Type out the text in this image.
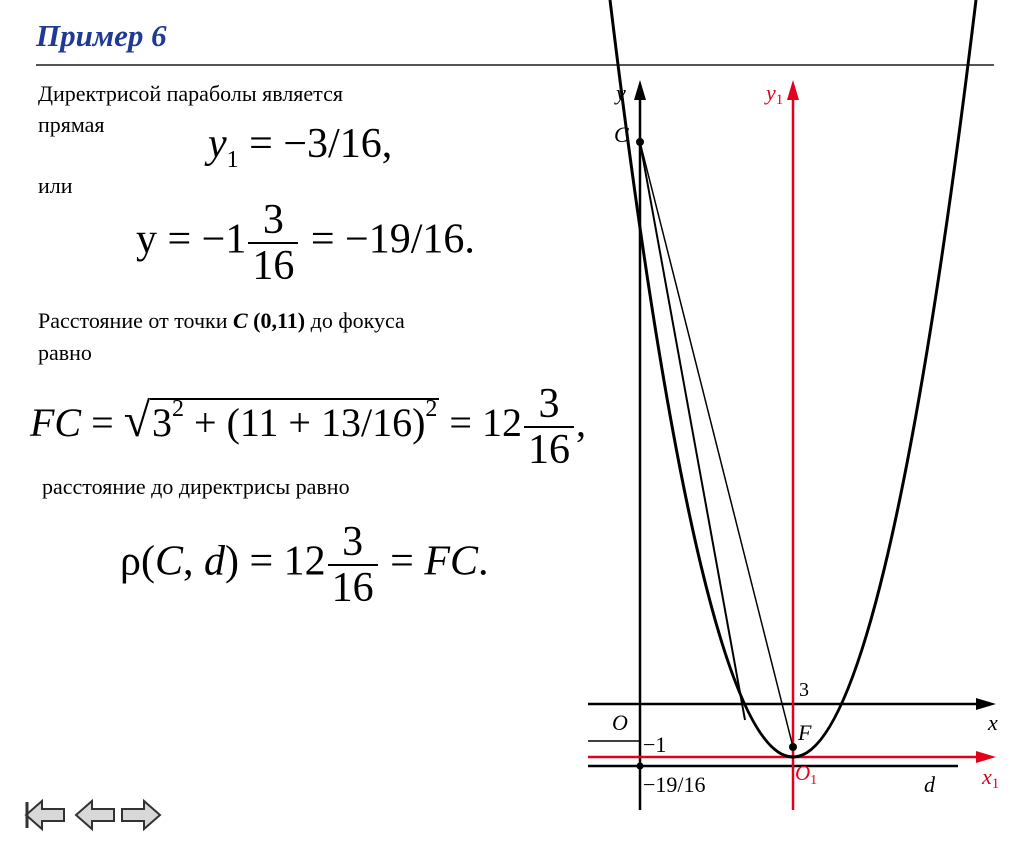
Пример 6
Директрисой параболы является
прямая $y_1 = -3/16$,
или
$y = -1 \frac{3}{16} = -19/16$.
Расстояние от точки C (0,11) до фокуса
равно
FC = $√3^2 + (11 + 13/16)^2 = 12 \frac{3}{16}$ ,
расстояние до директрисы равно
ρ(C, $d) = 12 \frac{3}{16}$ = FC.
y	y1
C
3
O	x
F
−1
O1	x1
−19/16	d
